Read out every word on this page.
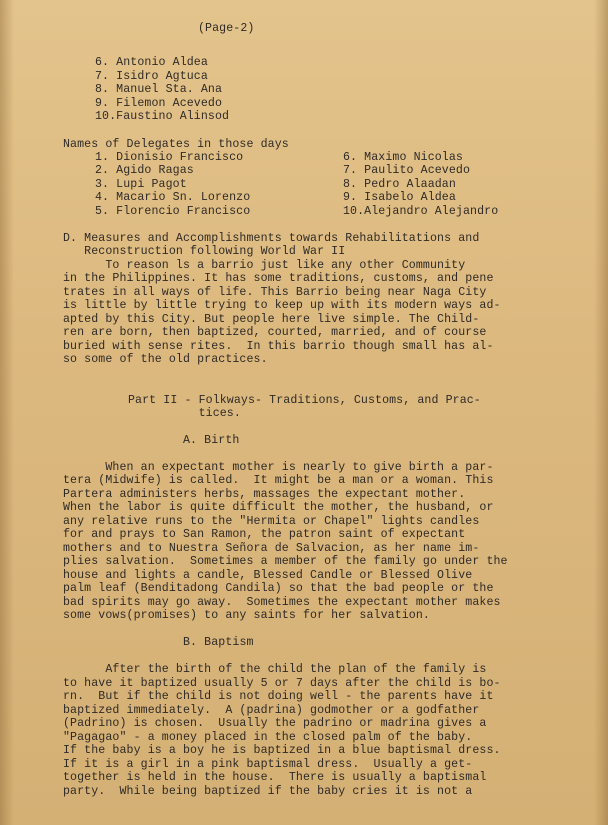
(Page-2)
6. Antonio Aldea
7. Isidro Agtuca
8. Manuel Sta. Ana
9. Filemon Acevedo
10.Faustino Alinsod
Names of Delegates in those days
1. Dionisio Francisco
2. Agido Ragas
3. Lupi Pagot
4. Macario Sn. Lorenzo
5. Florencio Francisco
6. Maximo Nicolas
7. Paulito Acevedo
8. Pedro Alaadan
9. Isabelo Aldea
10.Alejandro Alejandro
D. Measures and Accomplishments towards Rehabilitations and
Reconstruction following World War II
To reason ls a barrio just like any other Community
in the Philippines. It has some traditions, customs, and pene
trates in all ways of life. This Barrio being near Naga City
is little by little trying to keep up with its modern ways ad-
apted by this City. But people here live simple. The Child-
ren are born, then baptized, courted, married, and of course
buried with sense rites.  In this barrio though small has al-
so some of the old practices.
Part II - Folkways- Traditions, Customs, and Prac-
tices.
A. Birth
When an expectant mother is nearly to give birth a par-
tera (Midwife) is called.  It might be a man or a woman. This
Partera administers herbs, massages the expectant mother.
When the labor is quite difficult the mother, the husband, or
any relative runs to the "Hermita or Chapel" lights candles
for and prays to San Ramon, the patron saint of expectant
mothers and to Nuestra Señora de Salvacion, as her name im-
plies salvation.  Sometimes a member of the family go under the
house and lights a candle, Blessed Candle or Blessed Olive
palm leaf (Benditadong Candila) so that the bad people or the
bad spirits may go away.  Sometimes the expectant mother makes
some vows(promises) to any saints for her salvation.
B. Baptism
After the birth of the child the plan of the family is
to have it baptized usually 5 or 7 days after the child is bo-
rn.  But if the child is not doing well - the parents have it
baptized immediately.  A (padrina) godmother or a godfather
(Padrino) is chosen.  Usually the padrino or madrina gives a
"Pagagao" - a money placed in the closed palm of the baby.
If the baby is a boy he is baptized in a blue baptismal dress.
If it is a girl in a pink baptismal dress.  Usually a get-
together is held in the house.  There is usually a baptismal
party.  While being baptized if the baby cries it is not a
